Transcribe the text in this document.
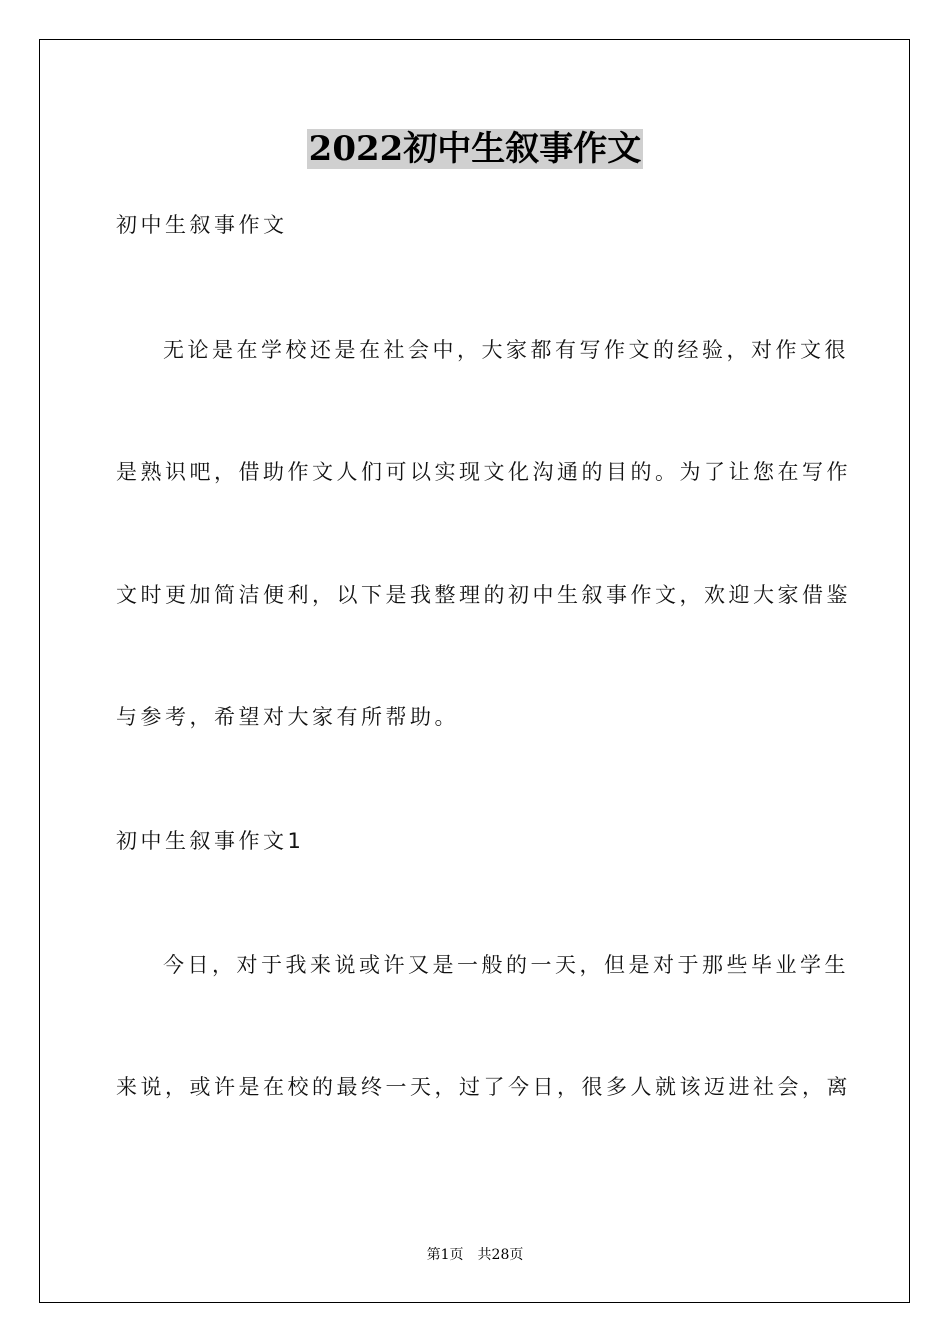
2022初中生叙事作文
初中生叙事作文
无论是在学校还是在社会中，大家都有写作文的经验，对作文很
是熟识吧，借助作文人们可以实现文化沟通的目的。为了让您在写作
文时更加简洁便利，以下是我整理的初中生叙事作文，欢迎大家借鉴
与参考，希望对大家有所帮助。
初中生叙事作文1
今日，对于我来说或许又是一般的一天，但是对于那些毕业学生
来说，或许是在校的最终一天，过了今日，很多人就该迈进社会，离
第1页 共28页
